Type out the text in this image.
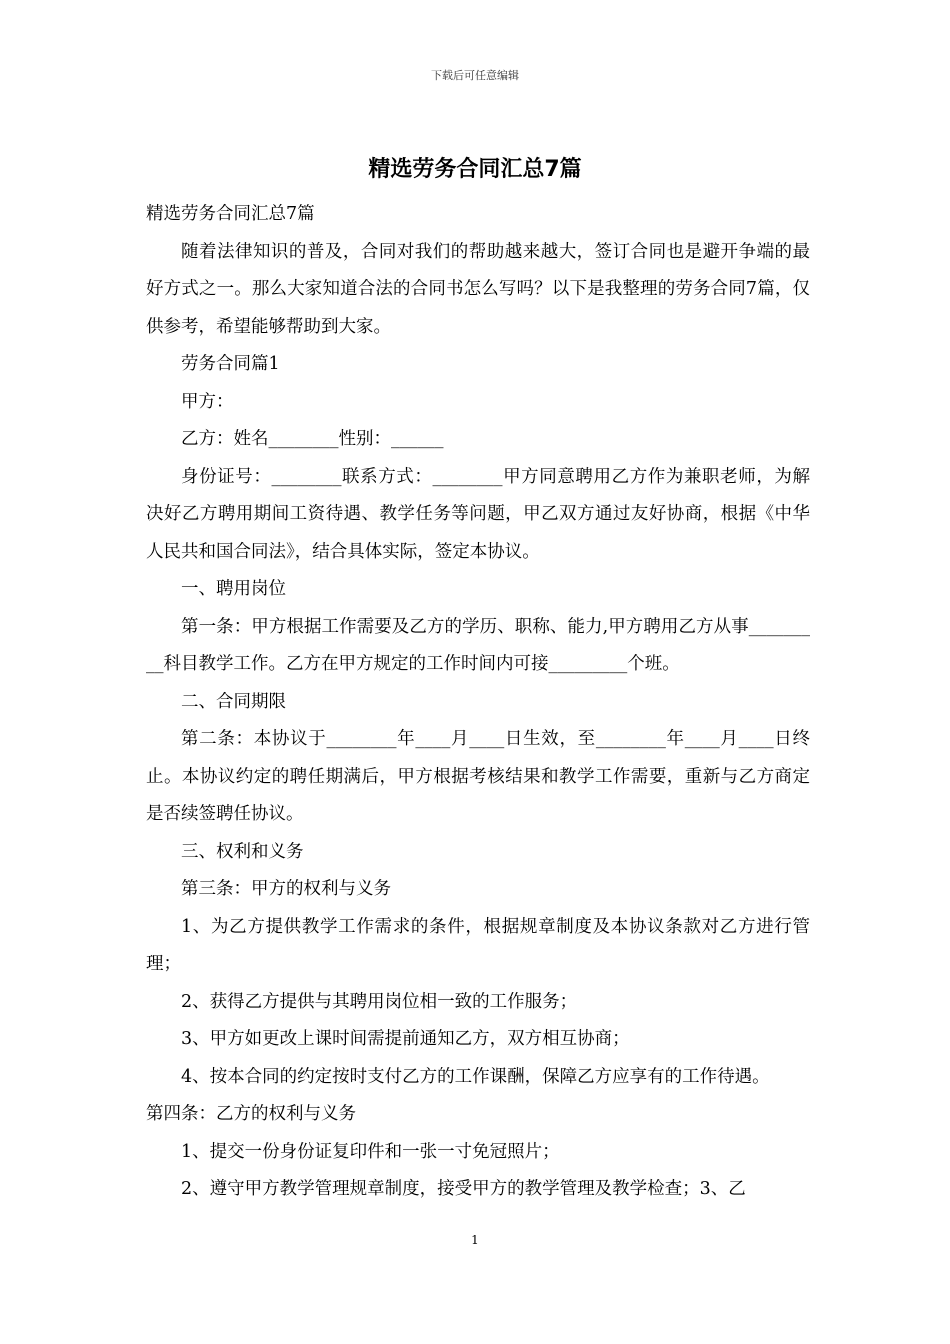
下载后可任意编辑
精选劳务合同汇总7篇

精选劳务合同汇总7篇

随着法律知识的普及，合同对我们的帮助越来越大，签订合同也是避开争端的最好方式之一。那么大家知道合法的合同书怎么写吗？以下是我整理的劳务合同7篇，仅供参考，希望能够帮助到大家。

劳务合同篇1

甲方：

乙方：姓名________性别：______

身份证号：________联系方式：________甲方同意聘用乙方作为兼职老师，为解决好乙方聘用期间工资待遇、教学任务等问题，甲乙双方通过友好协商，根据《中华人民共和国合同法》，结合具体实际，签定本协议。

一、聘用岗位

第一条：甲方根据工作需要及乙方的学历、职称、能力,甲方聘用乙方从事_________科目教学工作。乙方在甲方规定的工作时间内可接_________个班。

二、合同期限

第二条：本协议于________年____月____日生效，至________年____月____日终止。本协议约定的聘任期满后，甲方根据考核结果和教学工作需要，重新与乙方商定是否续签聘任协议。

三、权利和义务

第三条：甲方的权利与义务

1、为乙方提供教学工作需求的条件，根据规章制度及本协议条款对乙方进行管理；

2、获得乙方提供与其聘用岗位相一致的工作服务；

3、甲方如更改上课时间需提前通知乙方，双方相互协商；

4、按本合同的约定按时支付乙方的工作课酬，保障乙方应享有的工作待遇。

第四条：乙方的权利与义务

1、提交一份身份证复印件和一张一寸免冠照片；

2、遵守甲方教学管理规章制度，接受甲方的教学管理及教学检查；3、乙

1
